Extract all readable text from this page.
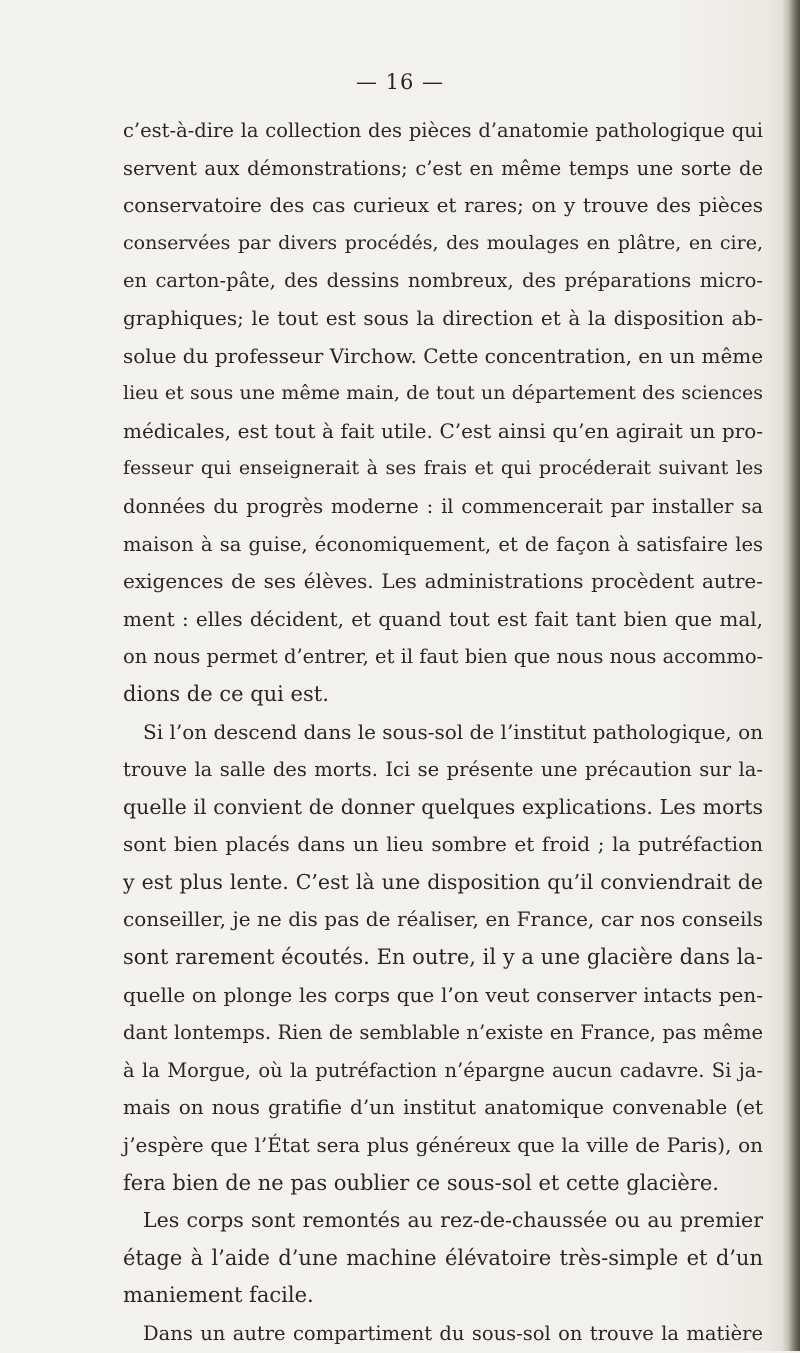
— 16 —
c’est-à-dire la collection des pièces d’anatomie pathologique qui
servent aux démonstrations; c’est en même temps une sorte de
conservatoire des cas curieux et rares; on y trouve des pièces
conservées par divers procédés, des moulages en plâtre, en cire,
en carton-pâte, des dessins nombreux, des préparations micro-
graphiques; le tout est sous la direction et à la disposition ab-
solue du professeur Virchow. Cette concentration, en un même
lieu et sous une même main, de tout un département des sciences
médicales, est tout à fait utile. C’est ainsi qu’en agirait un pro-
fesseur qui enseignerait à ses frais et qui procéderait suivant les
données du progrès moderne : il commencerait par installer sa
maison à sa guise, économiquement, et de façon à satisfaire les
exigences de ses élèves. Les administrations procèdent autre-
ment : elles décident, et quand tout est fait tant bien que mal,
on nous permet d’entrer, et il faut bien que nous nous accommo-
dions de ce qui est.
Si l’on descend dans le sous-sol de l’institut pathologique, on
trouve la salle des morts. Ici se présente une précaution sur la-
quelle il convient de donner quelques explications. Les morts
sont bien placés dans un lieu sombre et froid ; la putréfaction
y est plus lente. C’est là une disposition qu’il conviendrait de
conseiller, je ne dis pas de réaliser, en France, car nos conseils
sont rarement écoutés. En outre, il y a une glacière dans la-
quelle on plonge les corps que l’on veut conserver intacts pen-
dant lontemps. Rien de semblable n’existe en France, pas même
à la Morgue, où la putréfaction n’épargne aucun cadavre. Si ja-
mais on nous gratifie d’un institut anatomique convenable (et
j’espère que l’État sera plus généreux que la ville de Paris), on
fera bien de ne pas oublier ce sous-sol et cette glacière.
Les corps sont remontés au rez-de-chaussée ou au premier
étage à l’aide d’une machine élévatoire très-simple et d’un
maniement facile.
Dans un autre compartiment du sous-sol on trouve la matière
